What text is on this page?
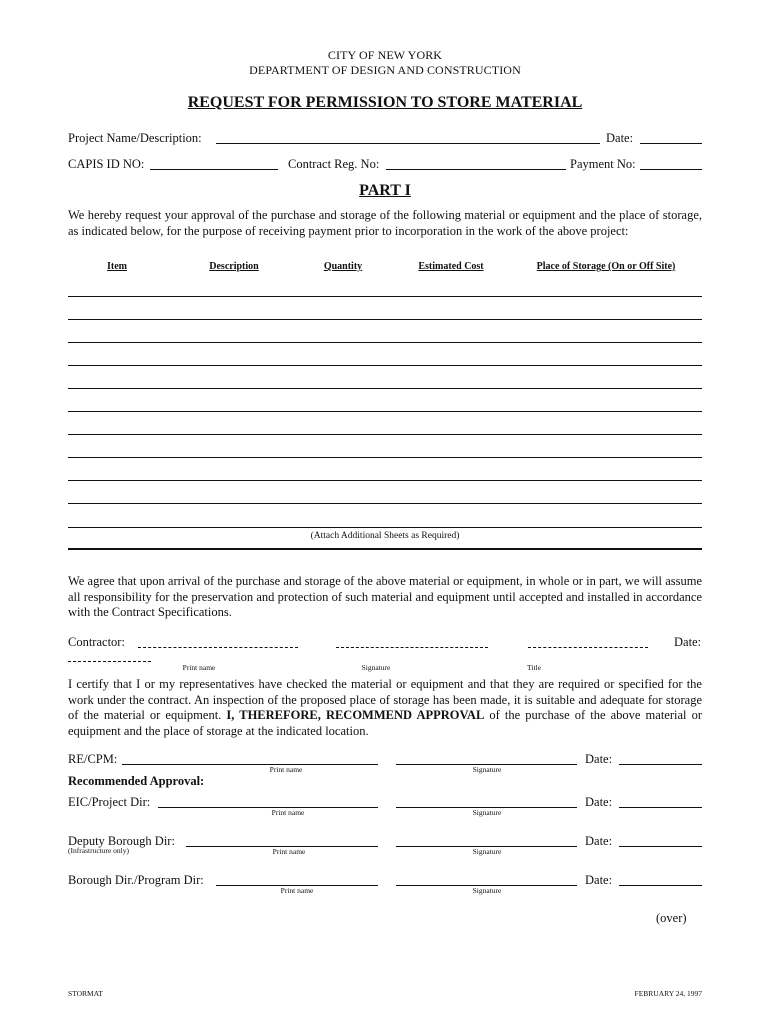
CITY OF NEW YORK
DEPARTMENT OF DESIGN AND CONSTRUCTION
REQUEST FOR PERMISSION TO STORE MATERIAL
Project Name/Description:	Date:
CAPIS ID NO:	Contract Reg. No:	Payment No:
PART I
We hereby request your approval of the purchase and storage of the following material or equipment and the place of storage, as indicated below, for the purpose of receiving payment prior to incorporation in the work of the above project:
Item	Description	Quantity	Estimated Cost	Place of Storage (On or Off Site)
(Attach Additional Sheets as Required)
We agree that upon arrival of the purchase and storage of the above material or equipment, in whole or in part, we will assume all responsibility for the preservation and protection of such material and equipment until accepted and installed in accordance with the Contract Specifications.
Contractor:	Date:
Print name	Signature	Title
I certify that I or my representatives have checked the material or equipment and that they are required or specified for the work under the contract. An inspection of the proposed place of storage has been made, it is suitable and adequate for storage of the material or equipment. I, THEREFORE, RECOMMEND APPROVAL of the purchase of the above material or equipment and the place of storage at the indicated location.
RE/CPM:	Date:
Print name	Signature
Recommended Approval:
EIC/Project Dir:	Date:
Print name	Signature
Deputy Borough Dir:	Date:
(Infrastructure only)	Print name	Signature
Borough Dir./Program Dir:	Date:
Print name	Signature
(over)
STORMAT	FEBRUARY 24, 1997
